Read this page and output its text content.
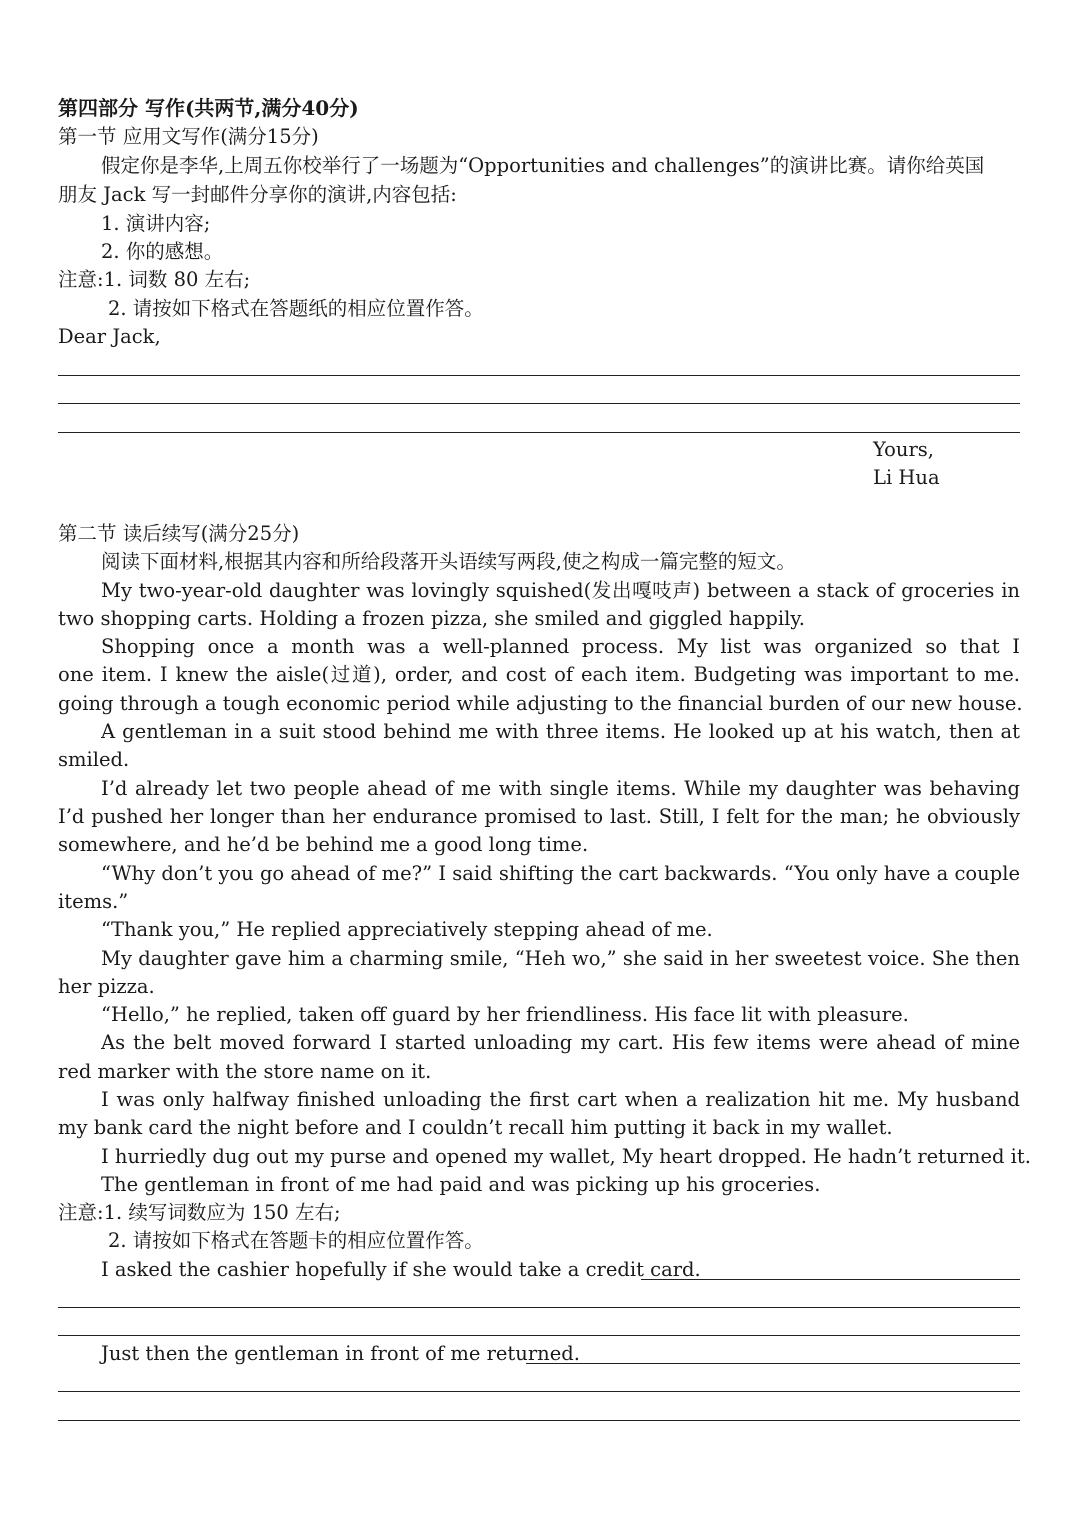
第四部分 写作(共两节,满分40分)
第一节 应用文写作(满分15分)
假定你是李华,上周五你校举行了一场题为“Opportunities and challenges”的演讲比赛。请你给英国
朋友 Jack 写一封邮件分享你的演讲,内容包括:
1. 演讲内容;
2. 你的感想。
注意:1. 词数 80 左右;
2. 请按如下格式在答题纸的相应位置作答。
Dear Jack,
Yours,
Li Hua
第二节 读后续写(满分25分)
阅读下面材料,根据其内容和所给段落开头语续写两段,使之构成一篇完整的短文。
My two-year-old daughter was lovingly squished(发出嘎吱声) between a stack of groceries in
two shopping carts. Holding a frozen pizza, she smiled and giggled happily.
Shopping once a month was a well-planned process. My list was organized so that I
one item. I knew the aisle(过道), order, and cost of each item. Budgeting was important to me.
going through a tough economic period while adjusting to the financial burden of our new house.
A gentleman in a suit stood behind me with three items. He looked up at his watch, then at
smiled.
I’d already let two people ahead of me with single items. While my daughter was behaving
I’d pushed her longer than her endurance promised to last. Still, I felt for the man; he obviously
somewhere, and he’d be behind me a good long time.
“Why don’t you go ahead of me?” I said shifting the cart backwards. “You only have a couple
items.”
“Thank you,” He replied appreciatively stepping ahead of me.
My daughter gave him a charming smile, “Heh wo,” she said in her sweetest voice. She then
her pizza.
“Hello,” he replied, taken off guard by her friendliness. His face lit with pleasure.
As the belt moved forward I started unloading my cart. His few items were ahead of mine
red marker with the store name on it.
I was only halfway finished unloading the first cart when a realization hit me. My husband
my bank card the night before and I couldn’t recall him putting it back in my wallet.
I hurriedly dug out my purse and opened my wallet, My heart dropped. He hadn’t returned it.
The gentleman in front of me had paid and was picking up his groceries.
注意:1. 续写词数应为 150 左右;
2. 请按如下格式在答题卡的相应位置作答。
I asked the cashier hopefully if she would take a credit card.
Just then the gentleman in front of me returned.
